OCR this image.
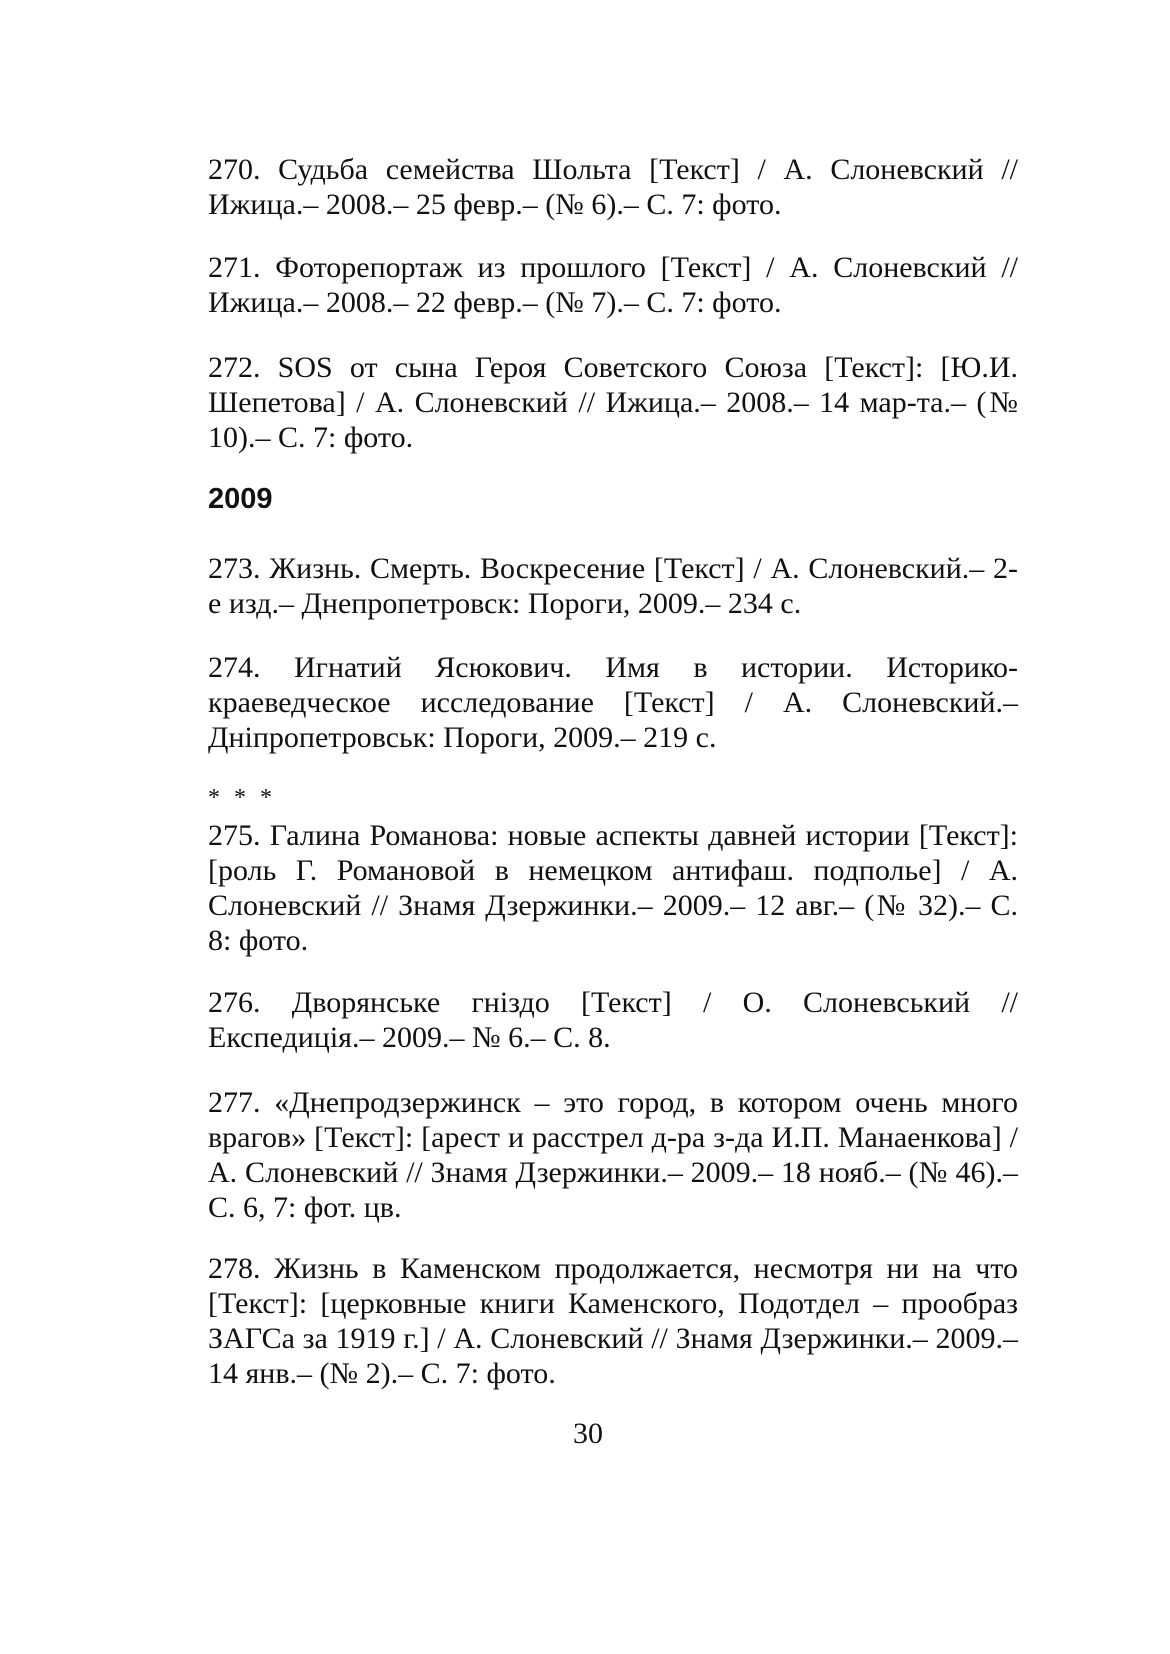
270. Судьба семейства Шольта [Текст] / А. Слоневский // Ижица.– 2008.– 25 февр.– (№ 6).– С. 7: фото.

271. Фоторепортаж из прошлого [Текст] / А. Слоневский // Ижица.– 2008.– 22 февр.– (№ 7).– С. 7: фото.

272. SOS от сына Героя Советского Союза [Текст]: [Ю.И. Шепетова] / А. Слоневский // Ижица.– 2008.– 14 мар-та.– (№ 10).– С. 7: фото.

2009

273. Жизнь. Смерть. Воскресение [Текст] / А. Слоневский.– 2-е изд.– Днепропетровск: Пороги, 2009.– 234 с.

274. Игнатий Ясюкович. Имя в истории. Историко-краеведческое исследование [Текст] / А. Слоневский.– Дніпропетровськ: Пороги, 2009.– 219 с.

* * *

275. Галина Романова: новые аспекты давней истории [Текст]: [роль Г. Романовой в немецком антифаш. подполье] / А. Слоневский // Знамя Дзержинки.– 2009.– 12 авг.– (№ 32).– С. 8: фото.

276. Дворянське гніздо [Текст] / О. Слоневський // Експедиція.– 2009.– № 6.– С. 8.

277. «Днепродзержинск – это город, в котором очень много врагов» [Текст]: [арест и расстрел д-ра з-да И.П. Манаенкова] / А. Слоневский // Знамя Дзержинки.– 2009.– 18 нояб.– (№ 46).– С. 6, 7: фот. цв.

278. Жизнь в Каменском продолжается, несмотря ни на что [Текст]: [церковные книги Каменского, Подотдел – прообраз ЗАГСа за 1919 г.] / А. Слоневский // Знамя Дзержинки.– 2009.– 14 янв.– (№ 2).– С. 7: фото.

30
